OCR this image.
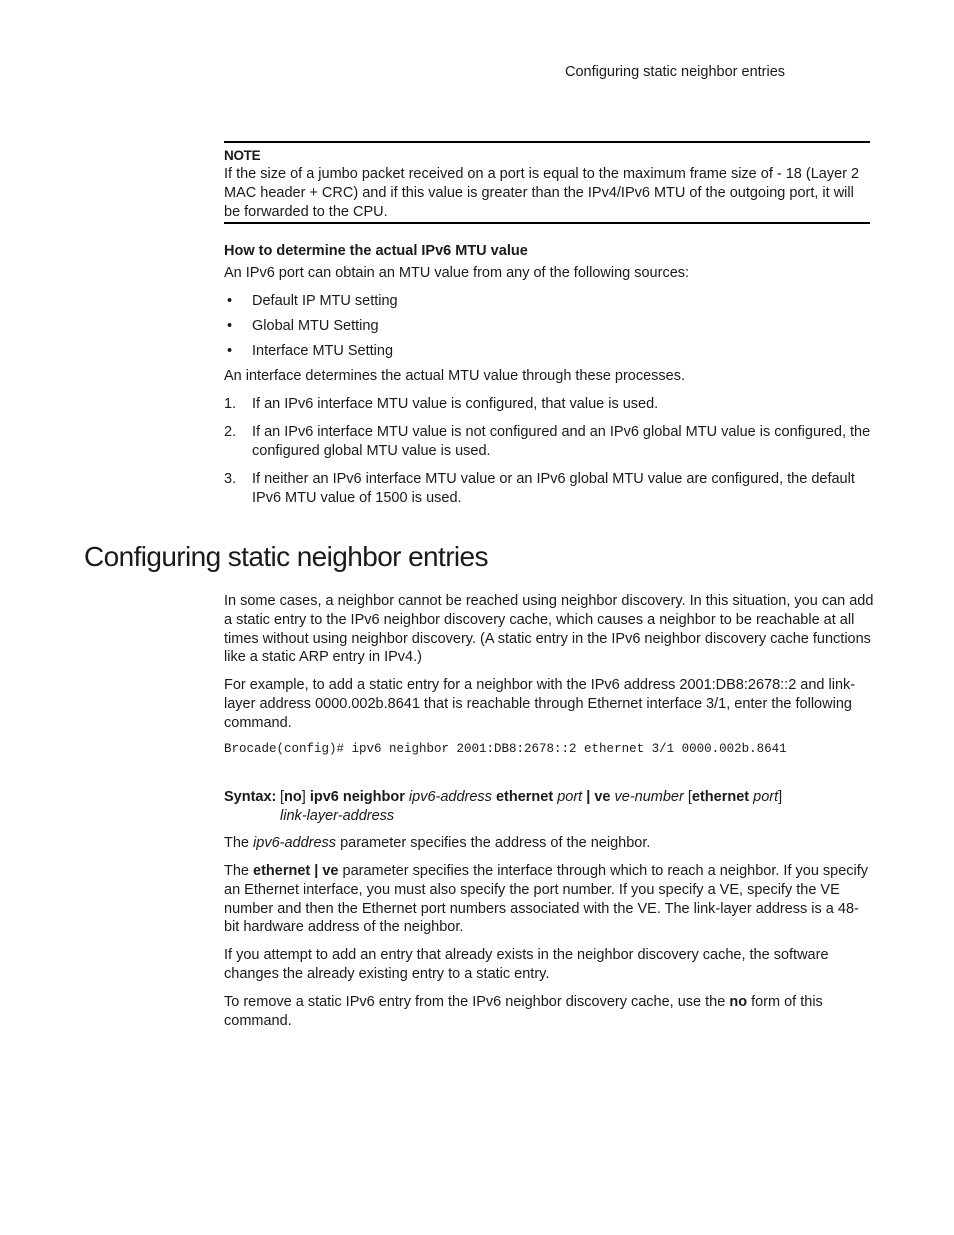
Configuring static neighbor entries
NOTE
If the size of a jumbo packet received on a port is equal to the maximum frame size of - 18 (Layer 2 MAC header + CRC) and if this value is greater than the IPv4/IPv6 MTU of the outgoing port, it will be forwarded to the CPU.
How to determine the actual IPv6 MTU value
An IPv6 port can obtain an MTU value from any of the following sources:
• Default IP MTU setting
• Global MTU Setting
• Interface MTU Setting
An interface determines the actual MTU value through these processes.
1. If an IPv6 interface MTU value is configured, that value is used.
2. If an IPv6 interface MTU value is not configured and an IPv6 global MTU value is configured, the configured global MTU value is used.
3. If neither an IPv6 interface MTU value or an IPv6 global MTU value are configured, the default IPv6 MTU value of 1500 is used.
Configuring static neighbor entries

In some cases, a neighbor cannot be reached using neighbor discovery. In this situation, you can add a static entry to the IPv6 neighbor discovery cache, which causes a neighbor to be reachable at all times without using neighbor discovery. (A static entry in the IPv6 neighbor discovery cache functions like a static ARP entry in IPv4.)

For example, to add a static entry for a neighbor with the IPv6 address 2001:DB8:2678::2 and link-layer address 0000.002b.8641 that is reachable through Ethernet interface 3/1, enter the following command.

Brocade(config)# ipv6 neighbor 2001:DB8:2678::2 ethernet 3/1 0000.002b.8641
Syntax: [no] ipv6 neighbor ipv6-address ethernet port | ve ve-number [ethernet port]
link-layer-address

The ipv6-address parameter specifies the address of the neighbor.

The ethernet | ve parameter specifies the interface through which to reach a neighbor. If you specify an Ethernet interface, you must also specify the port number. If you specify a VE, specify the VE number and then the Ethernet port numbers associated with the VE. The link-layer address is a 48-bit hardware address of the neighbor.

If you attempt to add an entry that already exists in the neighbor discovery cache, the software changes the already existing entry to a static entry.

To remove a static IPv6 entry from the IPv6 neighbor discovery cache, use the no form of this command.
